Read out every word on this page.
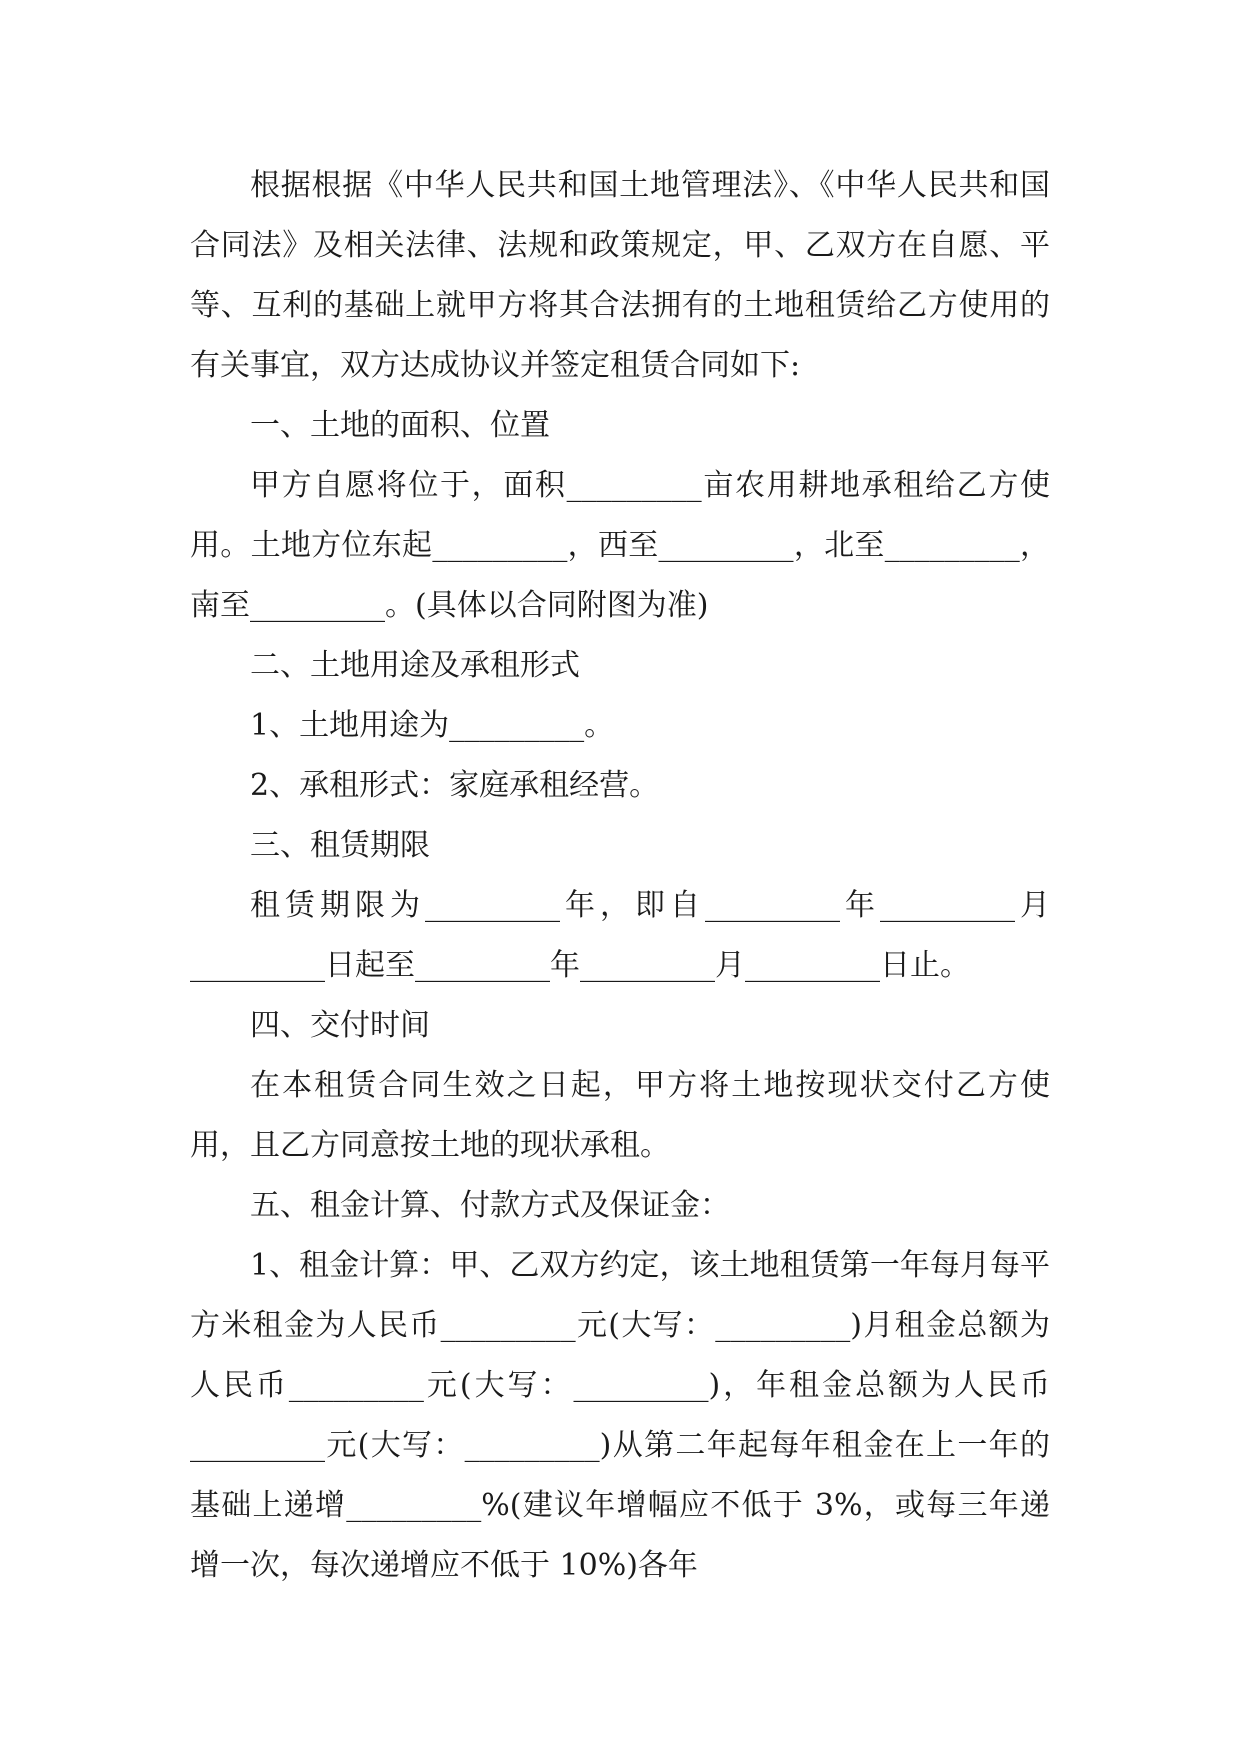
根据根据《中华人民共和国土地管理法》、《中华人民共和国合同法》及相关法律、法规和政策规定，甲、乙双方在自愿、平等、互利的基础上就甲方将其合法拥有的土地租赁给乙方使用的有关事宜，双方达成协议并签定租赁合同如下:

一、土地的面积、位置

甲方自愿将位于，面积_________亩农用耕地承租给乙方使用。土地方位东起_________，西至_________，北至_________，南至_________。(具体以合同附图为准)

二、土地用途及承租形式

1、土地用途为_________。

2、承租形式：家庭承租经营。

三、租赁期限

租赁期限为_________年，即自_________年_________月_________日起至_________年_________月_________日止。

四、交付时间

在本租赁合同生效之日起，甲方将土地按现状交付乙方使用，且乙方同意按土地的现状承租。

五、租金计算、付款方式及保证金：

1、租金计算：甲、乙双方约定，该土地租赁第一年每月每平方米租金为人民币_________元(大写：_________)月租金总额为人民币_________元(大写：_________)，年租金总额为人民币_________元(大写：_________)从第二年起每年租金在上一年的基础上递增_________%(建议年增幅应不低于 3%，或每三年递增一次，每次递增应不低于 10%)各年
